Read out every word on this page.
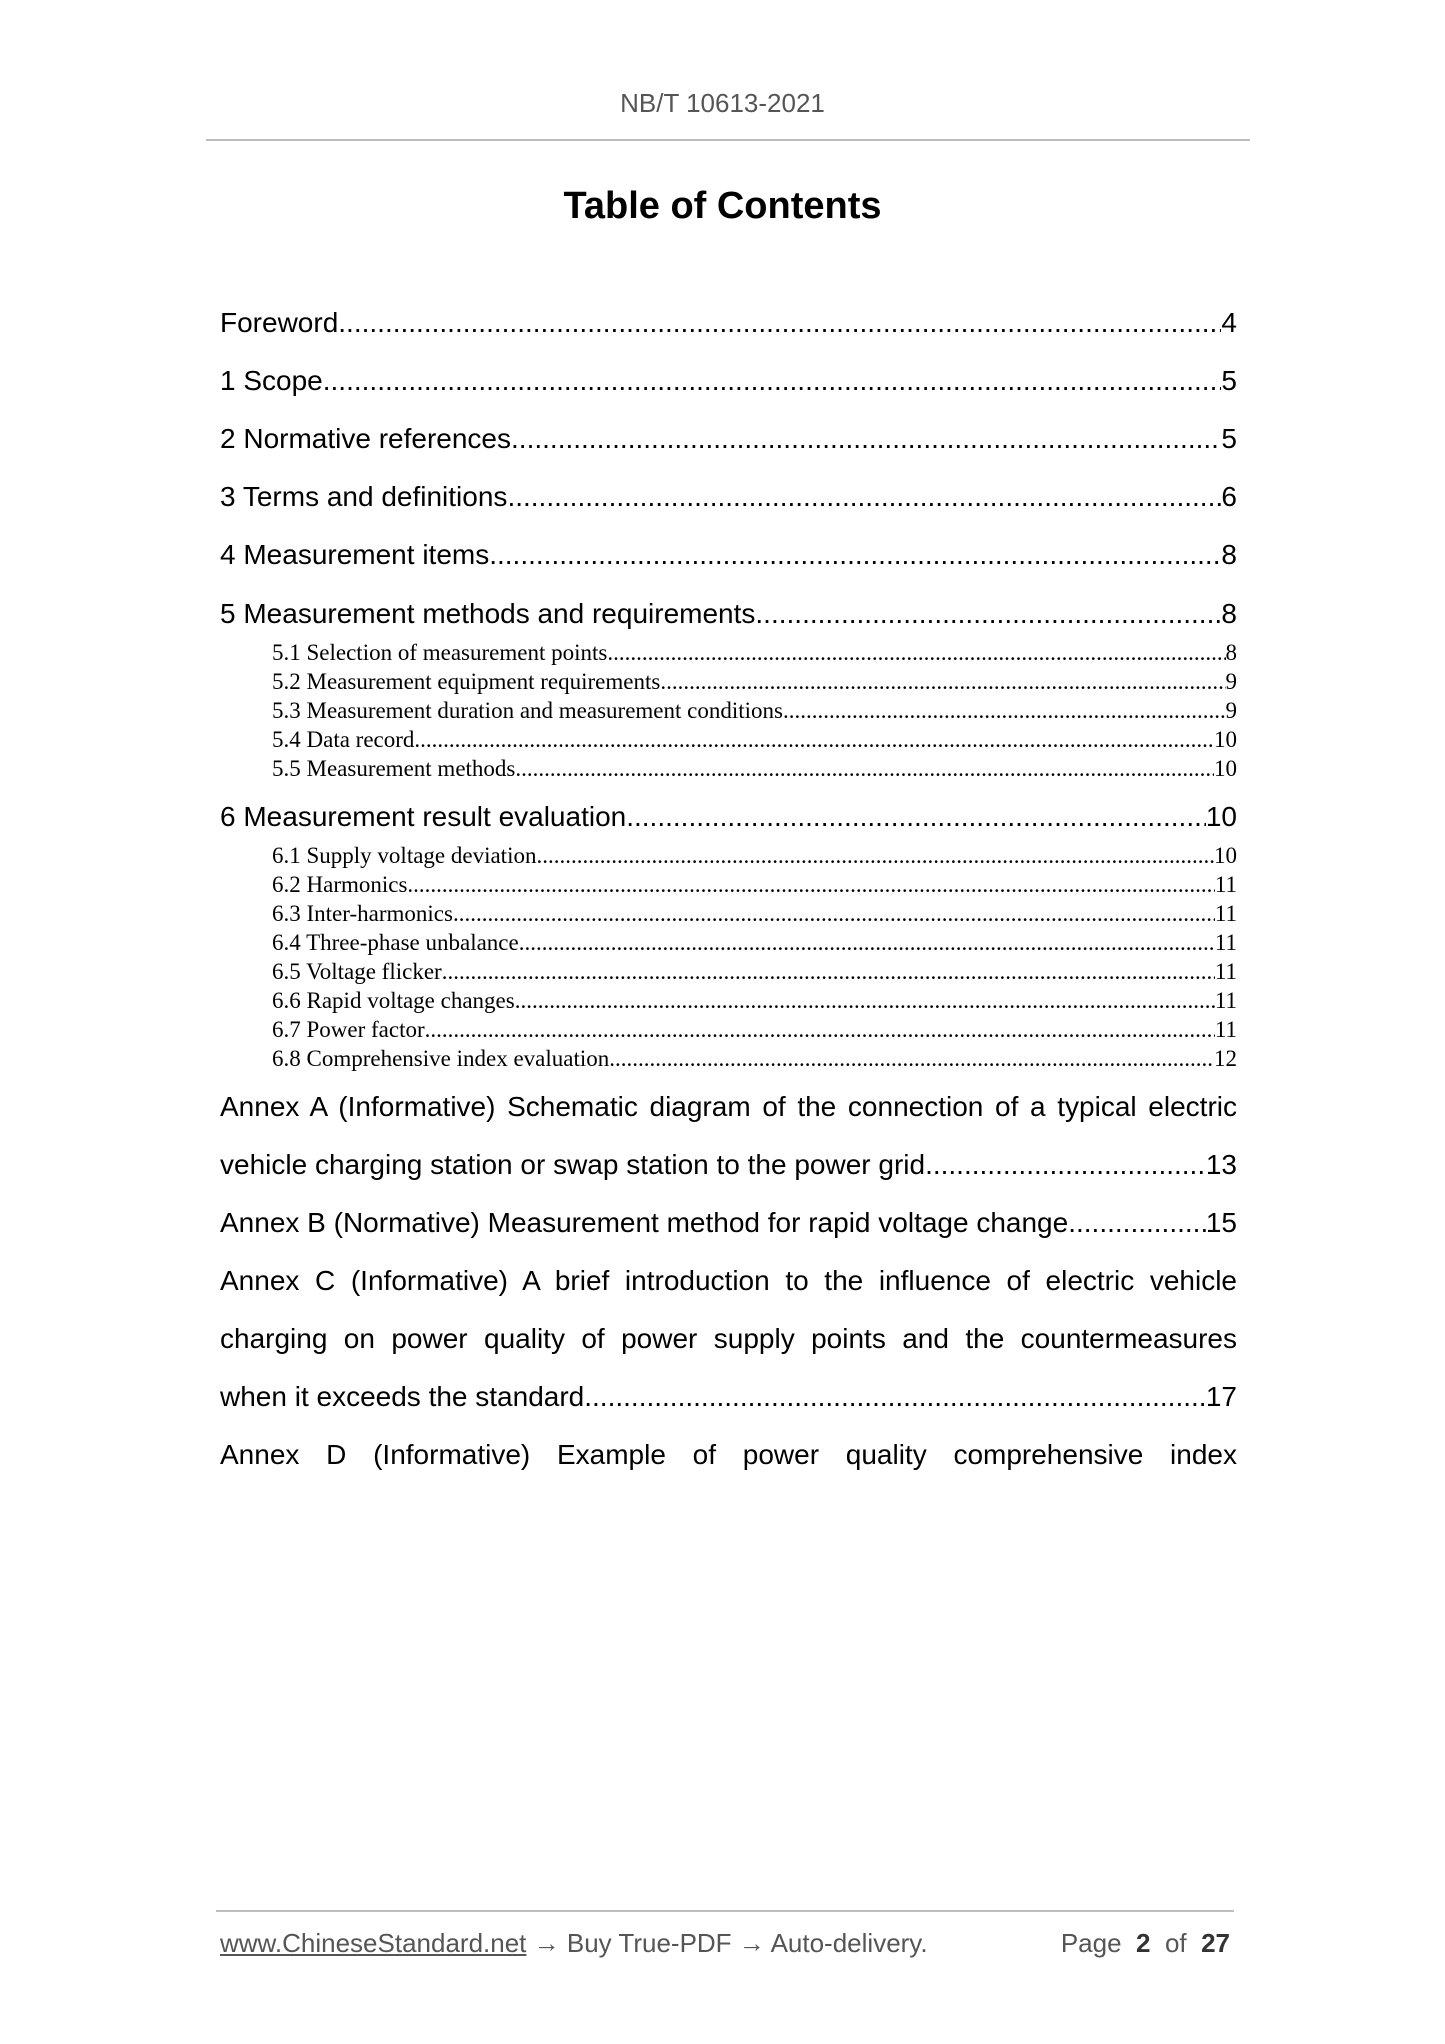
NB/T 10613-2021
Table of Contents
Foreword .....	4
1 Scope .....	5
2 Normative references .....	5
3 Terms and definitions .....	6
4 Measurement items .....	8
5 Measurement methods and requirements .....	8
5.1 Selection of measurement points .....	8
5.2 Measurement equipment requirements .....	9
5.3 Measurement duration and measurement conditions .....	9
5.4 Data record .....	10
5.5 Measurement methods .....	10
6 Measurement result evaluation .....	10
6.1 Supply voltage deviation .....	10
6.2 Harmonics .....	11
6.3 Inter-harmonics .....	11
6.4 Three-phase unbalance .....	11
6.5 Voltage flicker .....	11
6.6 Rapid voltage changes .....	11
6.7 Power factor .....	11
6.8 Comprehensive index evaluation .....	12
Annex A (Informative) Schematic diagram of the connection of a typical electric
vehicle charging station or swap station to the power grid .....	13
Annex B (Normative) Measurement method for rapid voltage change .....	15
Annex C (Informative) A brief introduction to the influence of electric vehicle
charging on power quality of power supply points and the countermeasures
when it exceeds the standard .....	17
Annex D (Informative) Example of power quality comprehensive index
www.ChineseStandard.net → Buy True-PDF → Auto-delivery.	Page 2 of 27
